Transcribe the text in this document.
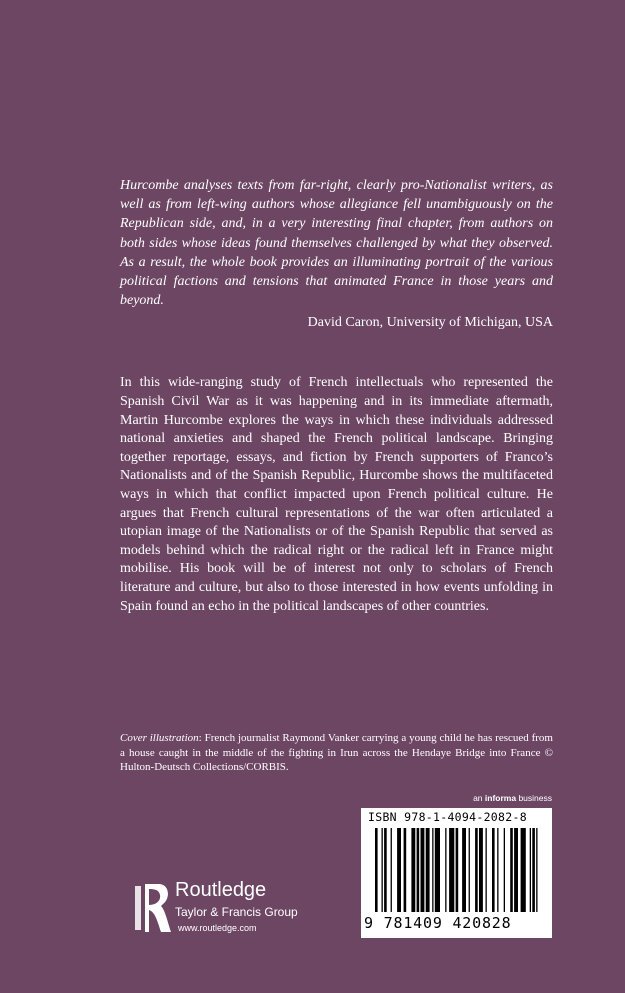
Hurcombe analyses texts from far-right, clearly pro-Nationalist writers, as well as from left-wing authors whose allegiance fell unambiguously on the Republican side, and, in a very interesting final chapter, from authors on both sides whose ideas found themselves challenged by what they observed. As a result, the whole book provides an illuminating portrait of the various political factions and tensions that animated France in those years and beyond.
David Caron, University of Michigan, USA
In this wide-ranging study of French intellectuals who represented the Spanish Civil War as it was happening and in its immediate aftermath, Martin Hurcombe explores the ways in which these individuals addressed national anxieties and shaped the French political landscape. Bringing together reportage, essays, and fiction by French supporters of Franco’s Nationalists and of the Spanish Republic, Hurcombe shows the multifaceted ways in which that conflict impacted upon French political culture. He argues that French cultural representations of the war often articulated a utopian image of the Nationalists or of the Spanish Republic that served as models behind which the radical right or the radical left in France might mobilise. His book will be of interest not only to scholars of French literature and culture, but also to those interested in how events unfolding in Spain found an echo in the political landscapes of other countries.
Cover illustration: French journalist Raymond Vanker carrying a young child he has rescued from a house caught in the middle of the fighting in Irun across the Hendaye Bridge into France © Hulton-Deutsch Collections/CORBIS.
an informa business
ISBN 978-1-4094-2082-8
9 781409 420828
Routledge
Taylor & Francis Group
www.routledge.com
